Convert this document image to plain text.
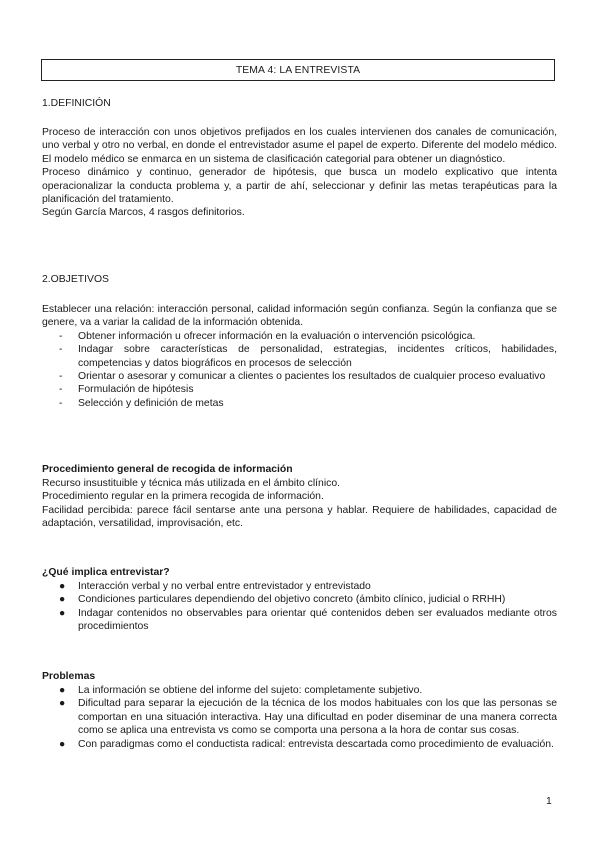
TEMA 4: LA ENTREVISTA
1.DEFINICIÓN

Proceso de interacción con unos objetivos prefijados en los cuales intervienen dos canales de comunicación, uno verbal y otro no verbal, en donde el entrevistador asume el papel de experto. Diferente del modelo médico. El modelo médico se enmarca en un sistema de clasificación categorial para obtener un diagnóstico.

Proceso dinámico y continuo, generador de hipótesis, que busca un modelo explicativo que intenta operacionalizar la conducta problema y, a partir de ahí, seleccionar y definir las metas terapéuticas para la planificación del tratamiento.

Según García Marcos, 4 rasgos definitorios.

2.OBJETIVOS

Establecer una relación: interacción personal, calidad información según confianza. Según la confianza que se genere, va a variar la calidad de la información obtenida.

- Obtener información u ofrecer información en la evaluación o intervención psicológica.
- Indagar sobre características de personalidad, estrategias, incidentes críticos, habilidades, competencias y datos biográficos en procesos de selección
- Orientar o asesorar y comunicar a clientes o pacientes los resultados de cualquier proceso evaluativo
- Formulación de hipótesis
- Selección y definición de metas
Procedimiento general de recogida de información

Recurso insustituible y técnica más utilizada en el ámbito clínico.

Procedimiento regular en la primera recogida de información.

Facilidad percibida: parece fácil sentarse ante una persona y hablar. Requiere de habilidades, capacidad de adaptación, versatilidad, improvisación, etc.

¿Qué implica entrevistar?
● Interacción verbal y no verbal entre entrevistador y entrevistado
● Condiciones particulares dependiendo del objetivo concreto (ámbito clínico, judicial o RRHH)
● Indagar contenidos no observables para orientar qué contenidos deben ser evaluados mediante otros procedimientos
Problemas
● La información se obtiene del informe del sujeto: completamente subjetivo.
● Dificultad para separar la ejecución de la técnica de los modos habituales con los que las personas se comportan en una situación interactiva. Hay una dificultad en poder diseminar de una manera correcta como se aplica una entrevista vs como se comporta una persona a la hora de contar sus cosas.
● Con paradigmas como el conductista radical: entrevista descartada como procedimiento de evaluación.
1
